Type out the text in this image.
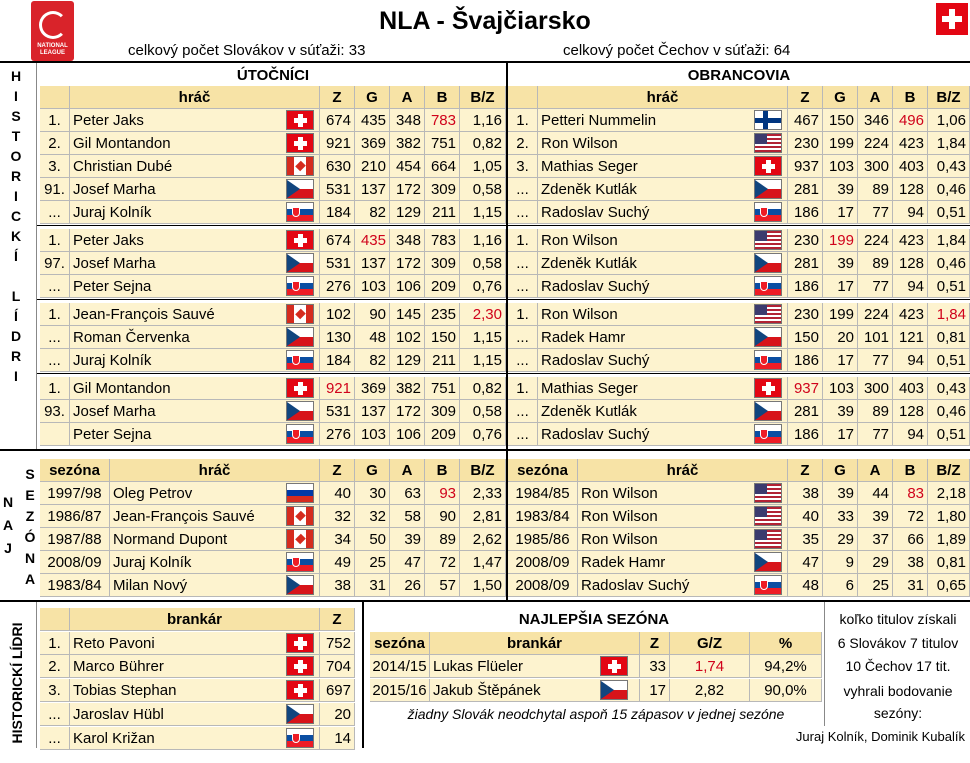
NATIONAL LEAGUE
NLA - Švajčiarsko
celkový počet Slovákov v súťaži: 33	celkový počet Čechov v súťaži: 64
ÚTOČNÍCI	OBRANCOVIA
hráč	Z	G	A	B	B/Z	hráč	Z	G	A	B	B/Z
1. Peter Jaks	674 435 348 783	1,16
2. Gil Montandon	921 369 382 751	0,82
3. Christian Dubé	630 210 454 664	1,05
91. Josef Marha	531 137 172 309	0,58
... Juraj Kolník	184	82 129 211	1,15
1. Peter Jaks	674 435 348 783	1,16
97. Josef Marha	531 137 172 309	0,58
... Peter Sejna	276 103 106 209	0,76
1. Jean-François Sauvé	102	90 145 235	2,30
... Roman Červenka	130	48 102 150	1,15
... Juraj Kolník	184	82 129 211	1,15
1. Gil Montandon	921 369 382 751	0,82
93. Josef Marha	531 137 172 309	0,58
Peter Sejna	276 103 106 209	0,76
1. Petteri Nummelin	467 150 346 496 1,06
2. Ron Wilson	230 199 224 423 1,84
3. Mathias Seger	937 103 300 403 0,43
... Zdeněk Kutlák	281	39	89 128 0,46
... Radoslav Suchý	186	17	77	94 0,51
1. Ron Wilson	230 199 224 423 1,84
... Zdeněk Kutlák	281	39	89 128 0,46
... Radoslav Suchý	186	17	77	94 0,51
1. Ron Wilson	230 199 224 423 1,84
... Radek Hamr	150	20 101 121 0,81
... Radoslav Suchý	186	17	77	94 0,51
1. Mathias Seger	937 103 300 403 0,43
... Zdeněk Kutlák	281	39	89 128 0,46
... Radoslav Suchý	186	17	77	94 0,51
sezóna	hráč	Z	G	A	B	B/Z	sezóna	hráč	Z	G	A	B	B/Z
1997/98 Oleg Petrov	40	30	63	93	2,33
1986/87 Jean-François Sauvé	32	32	58	90	2,81
1987/88 Normand Dupont	34	50	39	89	2,62
2008/09 Juraj Kolník	49	25	47	72	1,47
1983/84 Milan Nový	38	31	26	57	1,50
1984/85 Ron Wilson	38	39	44	83 2,18
1983/84 Ron Wilson	40	33	39	72 1,80
1985/86 Ron Wilson	35	29	37	66 1,89
2008/09 Radek Hamr	47	9	29	38 0,81
2008/09 Radoslav Suchý	48	6	25	31 0,65
brankár	Z
1. Reto Pavoni	752
2. Marco Bührer	704
3. Tobias Stephan	697
... Jaroslav Hübl	20
... Karol Križan	14
sezóna	brankár	Z	G/Z	%
2014/15 Lukas Flüeler	33	1,74	94,2%
2015/16 Jakub Štěpánek	17	2,82	90,0%
H
I
S
T
O
R
I
C
K
Í

L
Í
D
R
I
N
A
J
S
E
Z
Ó
N
A
HISTORICKÍ LÍDRI
NAJLEPŠIA SEZÓNA
žiadny Slovák neodchytal aspoň 15 zápasov v jednej sezóne
koľko titulov získali
6 Slovákov 7 titulov
10 Čechov 17 tit.
vyhrali bodovanie
sezóny:
Juraj Kolník, Dominik Kubalík
